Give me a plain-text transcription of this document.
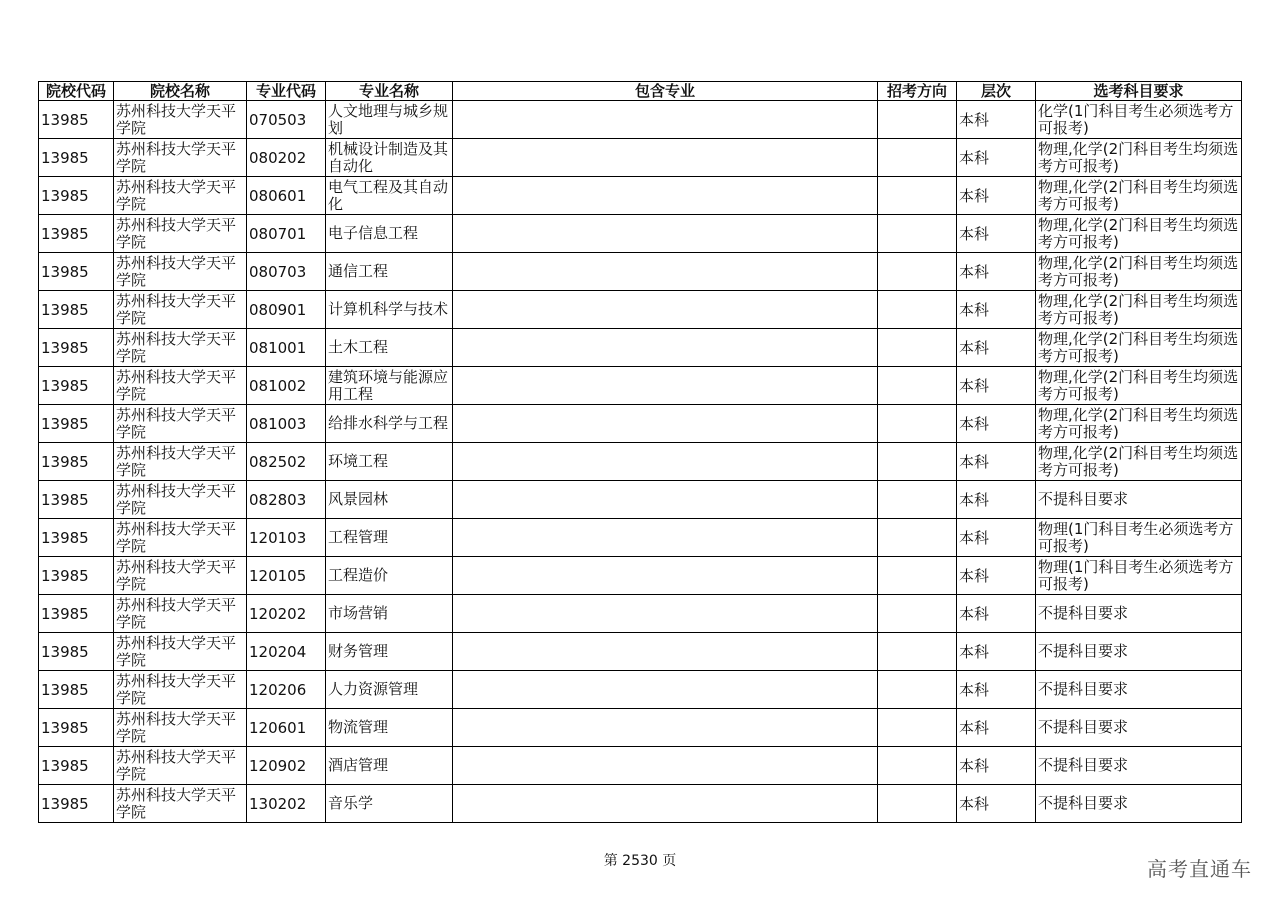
院校代码	院校名称	专业代码	专业名称	包含专业	招考方向	层次	选考科目要求
13985	苏州科技大学天平学院	070503	人文地理与城乡规划			本科	化学(1门科目考生必须选考方可报考)
13985	苏州科技大学天平学院	080202	机械设计制造及其自动化			本科	物理,化学(2门科目考生均须选考方可报考)
13985	苏州科技大学天平学院	080601	电气工程及其自动化			本科	物理,化学(2门科目考生均须选考方可报考)
13985	苏州科技大学天平学院	080701	电子信息工程			本科	物理,化学(2门科目考生均须选考方可报考)
13985	苏州科技大学天平学院	080703	通信工程			本科	物理,化学(2门科目考生均须选考方可报考)
13985	苏州科技大学天平学院	080901	计算机科学与技术			本科	物理,化学(2门科目考生均须选考方可报考)
13985	苏州科技大学天平学院	081001	土木工程			本科	物理,化学(2门科目考生均须选考方可报考)
13985	苏州科技大学天平学院	081002	建筑环境与能源应用工程			本科	物理,化学(2门科目考生均须选考方可报考)
13985	苏州科技大学天平学院	081003	给排水科学与工程			本科	物理,化学(2门科目考生均须选考方可报考)
13985	苏州科技大学天平学院	082502	环境工程			本科	物理,化学(2门科目考生均须选考方可报考)
13985	苏州科技大学天平学院	082803	风景园林			本科	不提科目要求
13985	苏州科技大学天平学院	120103	工程管理			本科	物理(1门科目考生必须选考方可报考)
13985	苏州科技大学天平学院	120105	工程造价			本科	物理(1门科目考生必须选考方可报考)
13985	苏州科技大学天平学院	120202	市场营销			本科	不提科目要求
13985	苏州科技大学天平学院	120204	财务管理			本科	不提科目要求
13985	苏州科技大学天平学院	120206	人力资源管理			本科	不提科目要求
13985	苏州科技大学天平学院	120601	物流管理			本科	不提科目要求
13985	苏州科技大学天平学院	120902	酒店管理			本科	不提科目要求
13985	苏州科技大学天平学院	130202	音乐学			本科	不提科目要求
第 2530 页	高考直通车
